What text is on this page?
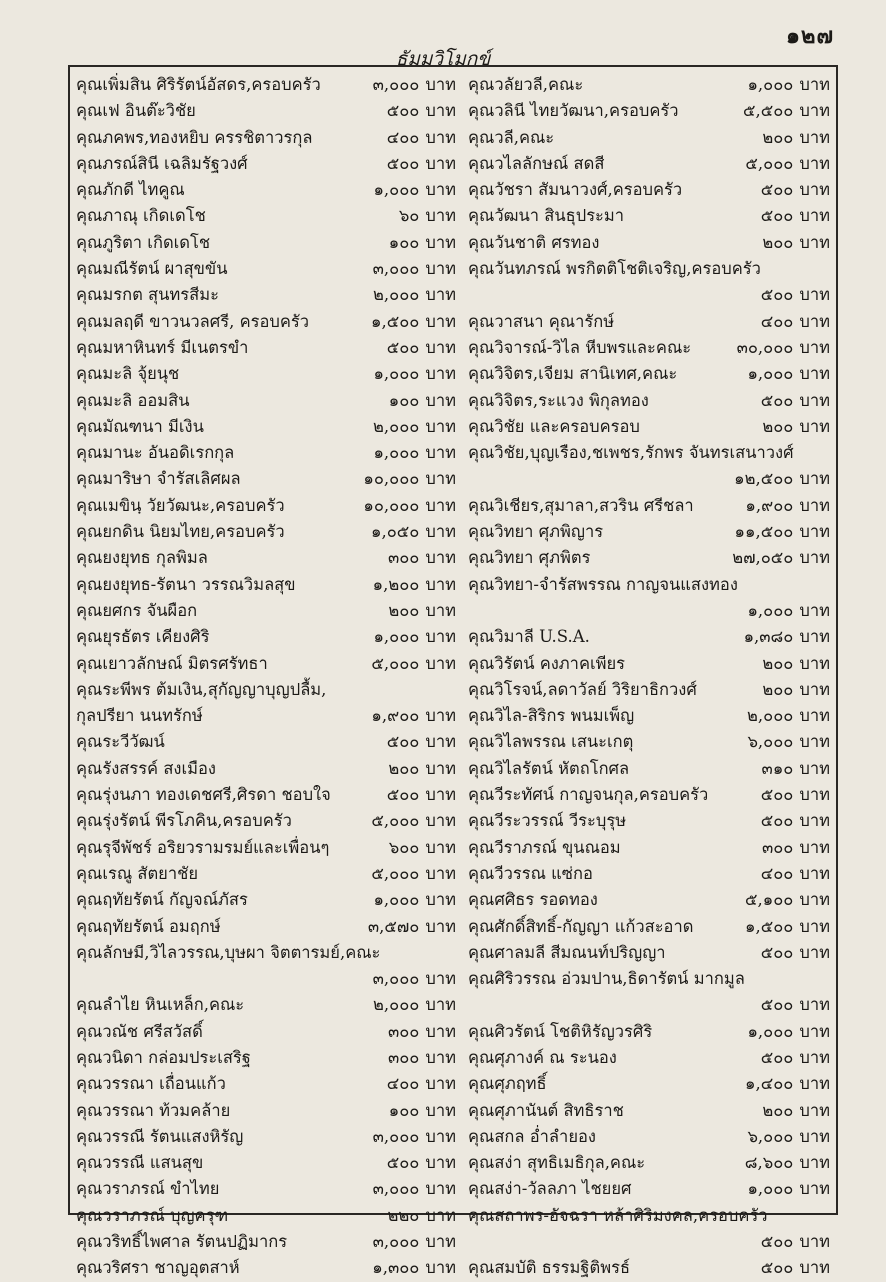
๑๒๗
ธัมมวิโมกข์
คุณเพิ่มสิน ศิริรัตน์อัสดร,ครอบครัว	๓,๐๐๐ บาท
คุณเฟ อินต๊ะวิชัย	๕๐๐ บาท
คุณภคพร,ทองหยิบ ครรชิตาวรกุล	๔๐๐ บาท
คุณภรณ์สินี เฉลิมรัฐวงศ์	๕๐๐ บาท
คุณภักดี ไทคูณ	๑,๐๐๐ บาท
คุณภาณุ เกิดเดโช	๖๐ บาท
คุณภูริตา เกิดเดโช	๑๐๐ บาท
คุณมณีรัตน์ ผาสุขขัน	๓,๐๐๐ บาท
คุณมรกต สุนทรสีมะ	๒,๐๐๐ บาท
คุณมลฤดี ขาวนวลศรี, ครอบครัว	๑,๕๐๐ บาท
คุณมหาหินทร์ มีเนตรขำ	๕๐๐ บาท
คุณมะลิ จุ้ยนุช	๑,๐๐๐ บาท
คุณมะลิ ออมสิน	๑๐๐ บาท
คุณมัณฑนา มีเงิน	๒,๐๐๐ บาท
คุณมานะ อันอดิเรกกุล	๑,๐๐๐ บาท
คุณมาริษา จำรัสเลิศผล	๑๐,๐๐๐ บาท
คุณเมขินฺ วัยวัฒนะ,ครอบครัว	๑๐,๐๐๐ บาท
คุณยกดิน นิยมไทย,ครอบครัว	๑,๐๕๐ บาท
คุณยงยุทธ กุลพิมล	๓๐๐ บาท
คุณยงยุทธ-รัตนา วรรณวิมลสุข	๑,๒๐๐ บาท
คุณยศกร จันผือก	๒๐๐ บาท
คุณยุรธัตร เคียงศิริ	๑,๐๐๐ บาท
คุณเยาวลักษณ์ มิตรศรัทธา	๕,๐๐๐ บาท
คุณระพีพร ต้มเงิน,สุกัญญาบุญปลื้ม,
กุลปรียา นนทรักษ์	๑,๙๐๐ บาท
คุณระวีวัฒน์	๕๐๐ บาท
คุณรังสรรค์ สงเมือง	๒๐๐ บาท
คุณรุ่งนภา ทองเดชศรี,ศิรดา ชอบใจ	๕๐๐ บาท
คุณรุ่งรัตน์ พีรโภคิน,ครอบครัว	๕,๐๐๐ บาท
คุณรุจีพัชร์ อริยวรามรมย์และเพื่อนๆ	๖๐๐ บาท
คุณเรณู สัตยาชัย	๕,๐๐๐ บาท
คุณฤทัยรัตน์ กัญจณ์ภัสร	๑,๐๐๐ บาท
คุณฤทัยรัตน์ อมฤกษ์	๓,๕๗๐ บาท
คุณลักษมี,วิไลวรรณ,บุษผา จิตตารมย์,คณะ
๓,๐๐๐ บาท
คุณลำไย หินเหล็ก,คณะ	๒,๐๐๐ บาท
คุณวณัช ศรีสวัสดิ์	๓๐๐ บาท
คุณวนิดา กล่อมประเสริฐ	๓๐๐ บาท
คุณวรรณา เถื่อนแก้ว	๔๐๐ บาท
คุณวรรณา ท้วมคล้าย	๑๐๐ บาท
คุณวรรณี รัตนแสงหิรัญ	๓,๐๐๐ บาท
คุณวรรณี แสนสุข	๕๐๐ บาท
คุณวราภรณ์ ขำไทย	๓,๐๐๐ บาท
คุณวราภรณ์ บุญครุฑ	๒๒๐ บาท
คุณวริทธิ์ไพศาล รัตนปฏิมากร	๓,๐๐๐ บาท
คุณวริศรา ชาญอุตสาห์	๑,๓๐๐ บาท
คุณวลัยวลี,คณะ	๑,๐๐๐ บาท
คุณวลินี ไทยวัฒนา,ครอบครัว	๕,๕๐๐ บาท
คุณวลี,คณะ	๒๐๐ บาท
คุณวไลลักษณ์ สดสี	๕,๐๐๐ บาท
คุณวัชรา สัมนาวงศ์,ครอบครัว	๕๐๐ บาท
คุณวัฒนา สินธุประมา	๕๐๐ บาท
คุณวันชาติ ศรทอง	๒๐๐ บาท
คุณวันทภรณ์ พรกิตติโชติเจริญ,ครอบครัว
๕๐๐ บาท
คุณวาสนา คุณารักษ์	๔๐๐ บาท
คุณวิจารณ์-วิไล หีบพรและคณะ	๓๐,๐๐๐ บาท
คุณวิจิตร,เจียม สานิเทศ,คณะ	๑,๐๐๐ บาท
คุณวิจิตร,ระแวง พิกุลทอง	๕๐๐ บาท
คุณวิชัย และครอบครอบ	๒๐๐ บาท
คุณวิชัย,บุญเรือง,ชเพชร,รักพร จันทรเสนาวงศ์
๑๒,๕๐๐ บาท
คุณวิเชียร,สุมาลา,สวริน ศรีชลา	๑,๙๐๐ บาท
คุณวิทยา ศุภพิญาร	๑๑,๕๐๐ บาท
คุณวิทยา ศุภพิตร	๒๗,๐๕๐ บาท
คุณวิทยา-จำรัสพรรณ กาญจนแสงทอง
๑,๐๐๐ บาท
คุณวิมาลี U.S.A.	๑,๓๘๐ บาท
คุณวิรัตน์ คงภาคเพียร	๒๐๐ บาท
คุณวิโรจน์,ลดาวัลย์ วิริยาธิกวงศ์	๒๐๐ บาท
คุณวิไล-สิริกร พนมเพ็ญ	๒,๐๐๐ บาท
คุณวิไลพรรณ เสนะเกตุ	๖,๐๐๐ บาท
คุณวิไลรัตน์ หัตถโกศล	๓๑๐ บาท
คุณวีระทัศน์ กาญจนกุล,ครอบครัว	๕๐๐ บาท
คุณวีระวรรณ์ วีระบุรุษ	๕๐๐ บาท
คุณวีราภรณ์ ขุนณอม	๓๐๐ บาท
คุณวีวรรณ แซ่กอ	๔๐๐ บาท
คุณศศิธร รอดทอง	๕,๑๐๐ บาท
คุณศักดิ์สิทธิ์-กัญญา แก้วสะอาด	๑,๕๐๐ บาท
คุณศาลมลี สีมณนท์ปริญญา	๕๐๐ บาท
คุณศิริวรรณ อ่วมปาน,ธิดารัตน์ มากมูล
๕๐๐ บาท
คุณศิวรัตน์ โชติหิรัญวรศิริ	๑,๐๐๐ บาท
คุณศุภางค์ ณ ระนอง	๕๐๐ บาท
คุณศุภฤทธิ์	๑,๔๐๐ บาท
คุณศุภานันต์ สิทธิราช	๒๐๐ บาท
คุณสกล อ่ำลำยอง	๖,๐๐๐ บาท
คุณสง่า สุทธิเมธิกุล,คณะ	๘,๖๐๐ บาท
คุณสง่า-วัลลภา ไชยยศ	๑,๐๐๐ บาท
คุณสถาพร-อัจฉรา หล้าศิริมงคล,ครอบครัว
๕๐๐ บาท
คุณสมบัติ ธรรมฐิติพรธ์	๕๐๐ บาท
